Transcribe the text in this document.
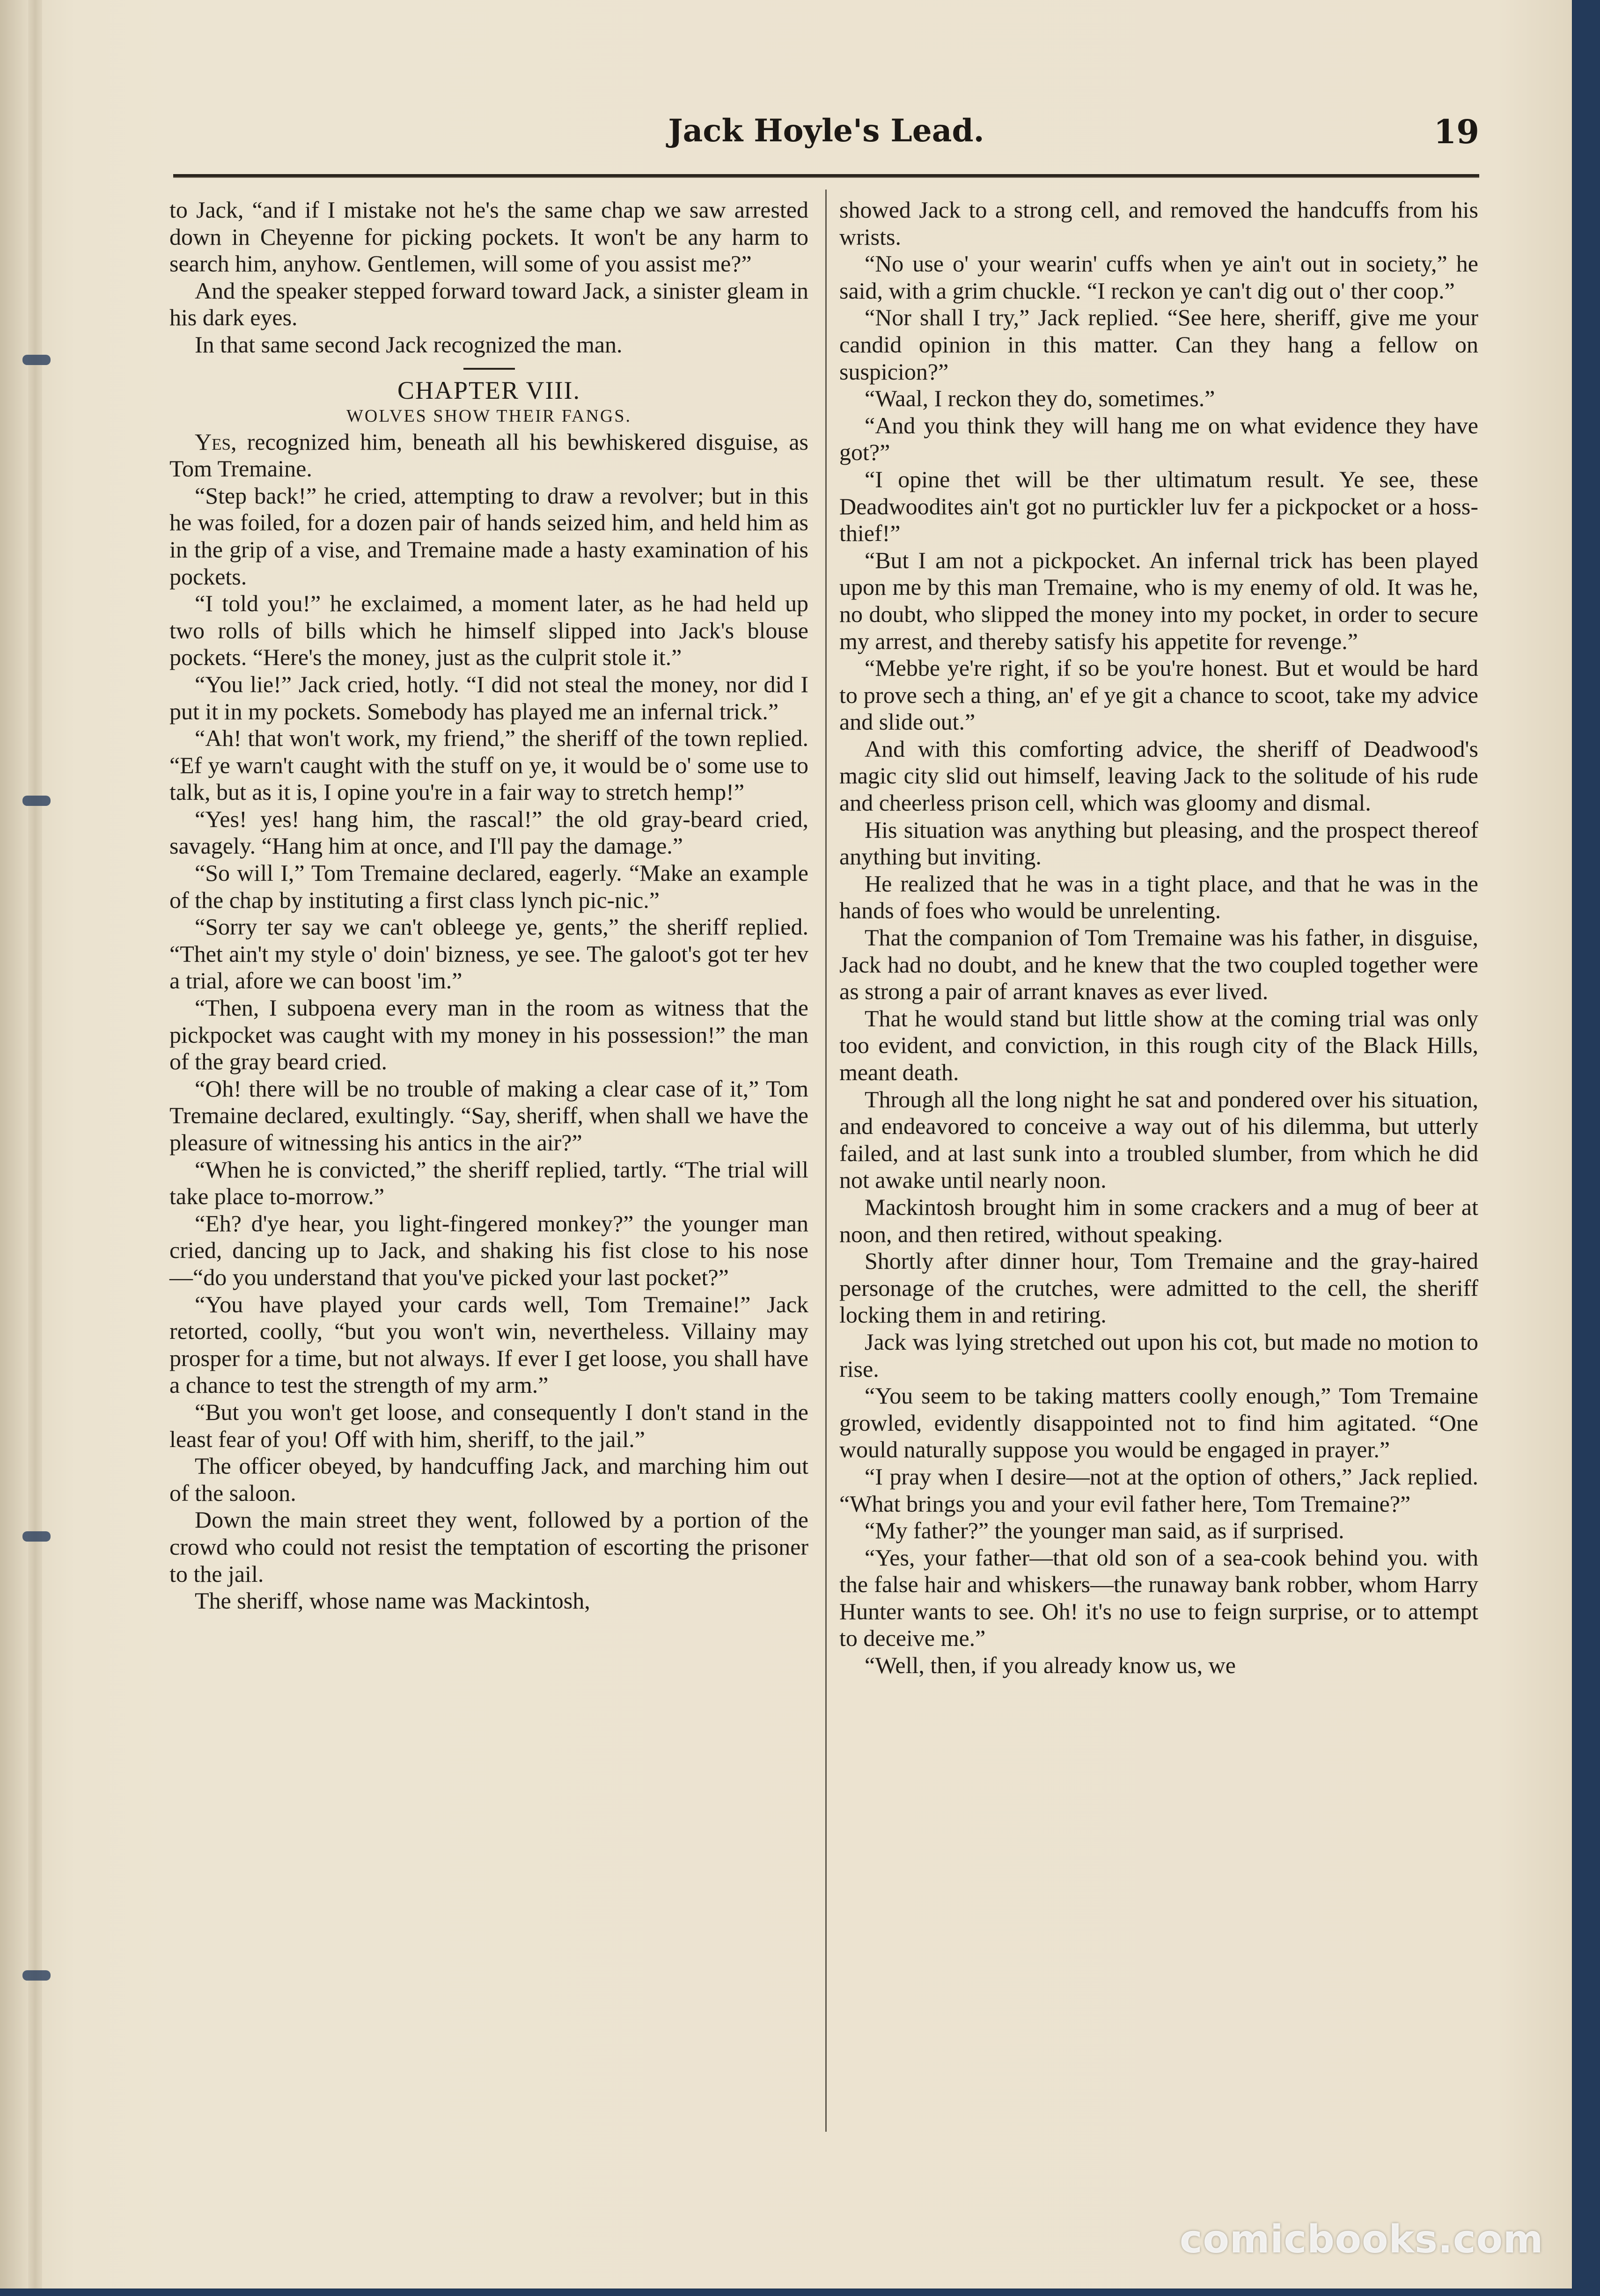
Jack Hoyle's Lead.	19

to Jack, “and if I mistake not he's the same chap we saw arrested down in Cheyenne for picking pockets. It won't be any harm to search him, anyhow. Gentlemen, will some of you assist me?”

And the speaker stepped forward toward Jack, a sinister gleam in his dark eyes.

In that same second Jack recognized the man.

CHAPTER VIII.
WOLVES SHOW THEIR FANGS.

Yes, recognized him, beneath all his bewhiskered disguise, as Tom Tremaine.

“Step back!” he cried, attempting to draw a revolver; but in this he was foiled, for a dozen pair of hands seized him, and held him as in the grip of a vise, and Tremaine made a hasty examination of his pockets.

“I told you!” he exclaimed, a moment later, as he had held up two rolls of bills which he himself slipped into Jack's blouse pockets. “Here's the money, just as the culprit stole it.”

“You lie!” Jack cried, hotly. “I did not steal the money, nor did I put it in my pockets. Somebody has played me an infernal trick.”

“Ah! that won't work, my friend,” the sheriff of the town replied. “Ef ye warn't caught with the stuff on ye, it would be o' some use to talk, but as it is, I opine you're in a fair way to stretch hemp!”

“Yes! yes! hang him, the rascal!” the old gray-beard cried, savagely. “Hang him at once, and I'll pay the damage.”

“So will I,” Tom Tremaine declared, eagerly. “Make an example of the chap by instituting a first class lynch pic-nic.”

“Sorry ter say we can't obleege ye, gents,” the sheriff replied. “Thet ain't my style o' doin' bizness, ye see. The galoot's got ter hev a trial, afore we can boost 'im.”

“Then, I subpoena every man in the room as witness that the pickpocket was caught with my money in his possession!” the man of the gray beard cried.

“Oh! there will be no trouble of making a clear case of it,” Tom Tremaine declared, exultingly. “Say, sheriff, when shall we have the pleasure of witnessing his antics in the air?”

“When he is convicted,” the sheriff replied, tartly. “The trial will take place to-morrow.”

“Eh? d'ye hear, you light-fingered monkey?” the younger man cried, dancing up to Jack, and shaking his fist close to his nose—“do you understand that you've picked your last pocket?”

“You have played your cards well, Tom Tremaine!” Jack retorted, coolly, “but you won't win, nevertheless. Villainy may prosper for a time, but not always. If ever I get loose, you shall have a chance to test the strength of my arm.”

“But you won't get loose, and consequently I don't stand in the least fear of you! Off with him, sheriff, to the jail.”

The officer obeyed, by handcuffing Jack, and marching him out of the saloon.

Down the main street they went, followed by a portion of the crowd who could not resist the temptation of escorting the prisoner to the jail.

The sheriff, whose name was Mackintosh,

showed Jack to a strong cell, and removed the handcuffs from his wrists.

“No use o' your wearin' cuffs when ye ain't out in society,” he said, with a grim chuckle. “I reckon ye can't dig out o' ther coop.”

“Nor shall I try,” Jack replied. “See here, sheriff, give me your candid opinion in this matter. Can they hang a fellow on suspicion?”

“Waal, I reckon they do, sometimes.”

“And you think they will hang me on what evidence they have got?”

“I opine thet will be ther ultimatum result. Ye see, these Deadwoodites ain't got no purtickler luv fer a pickpocket or a hoss-thief!”

“But I am not a pickpocket. An infernal trick has been played upon me by this man Tremaine, who is my enemy of old. It was he, no doubt, who slipped the money into my pocket, in order to secure my arrest, and thereby satisfy his appetite for revenge.”

“Mebbe ye're right, if so be you're honest. But et would be hard to prove sech a thing, an' ef ye git a chance to scoot, take my advice and slide out.”

And with this comforting advice, the sheriff of Deadwood's magic city slid out himself, leaving Jack to the solitude of his rude and cheerless prison cell, which was gloomy and dismal.

His situation was anything but pleasing, and the prospect thereof anything but inviting.

He realized that he was in a tight place, and that he was in the hands of foes who would be unrelenting.

That the companion of Tom Tremaine was his father, in disguise, Jack had no doubt, and he knew that the two coupled together were as strong a pair of arrant knaves as ever lived.

That he would stand but little show at the coming trial was only too evident, and conviction, in this rough city of the Black Hills, meant death.

Through all the long night he sat and pondered over his situation, and endeavored to conceive a way out of his dilemma, but utterly failed, and at last sunk into a troubled slumber, from which he did not awake until nearly noon.

Mackintosh brought him in some crackers and a mug of beer at noon, and then retired, without speaking.

Shortly after dinner hour, Tom Tremaine and the gray-haired personage of the crutches, were admitted to the cell, the sheriff locking them in and retiring.

Jack was lying stretched out upon his cot, but made no motion to rise.

“You seem to be taking matters coolly enough,” Tom Tremaine growled, evidently disappointed not to find him agitated. “One would naturally suppose you would be engaged in prayer.”

“I pray when I desire—not at the option of others,” Jack replied. “What brings you and your evil father here, Tom Tremaine?”

“My father?” the younger man said, as if surprised.

“Yes, your father—that old son of a sea-cook behind you. with the false hair and whiskers—the runaway bank robber, whom Harry Hunter wants to see. Oh! it's no use to feign surprise, or to attempt to deceive me.”

“Well, then, if you already know us, we

comicbooks.com
